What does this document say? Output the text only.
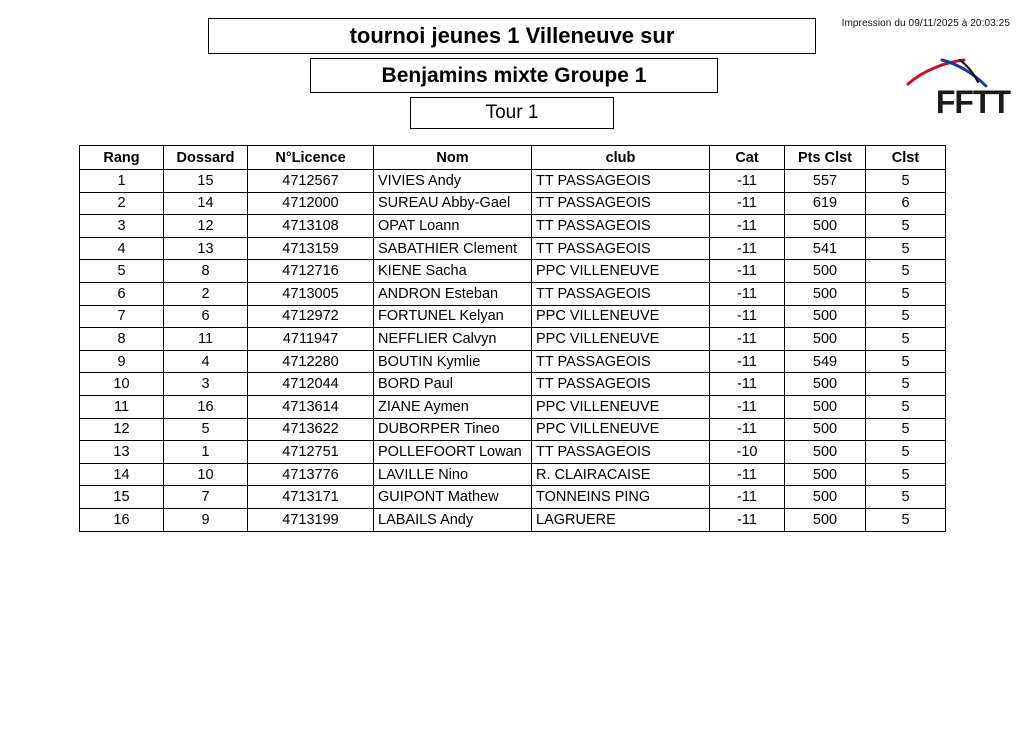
Impression du 09/11/2025 à 20:03:25
FFTT
tournoi jeunes 1 Villeneuve sur
Benjamins mixte Groupe 1
Tour 1
Rang	Dossard	N°Licence	Nom	club	Cat	Pts Clst	Clst
1	15	4712567	VIVIES Andy	TT PASSAGEOIS	-11	557	5
2	14	4712000	SUREAU Abby-Gael	TT PASSAGEOIS	-11	619	6
3	12	4713108	OPAT Loann	TT PASSAGEOIS	-11	500	5
4	13	4713159	SABATHIER Clement	TT PASSAGEOIS	-11	541	5
5	8	4712716	KIENE Sacha	PPC VILLENEUVE	-11	500	5
6	2	4713005	ANDRON Esteban	TT PASSAGEOIS	-11	500	5
7	6	4712972	FORTUNEL Kelyan	PPC VILLENEUVE	-11	500	5
8	11	4711947	NEFFLIER Calvyn	PPC VILLENEUVE	-11	500	5
9	4	4712280	BOUTIN Kymlie	TT PASSAGEOIS	-11	549	5
10	3	4712044	BORD Paul	TT PASSAGEOIS	-11	500	5
11	16	4713614	ZIANE Aymen	PPC VILLENEUVE	-11	500	5
12	5	4713622	DUBORPER Tineo	PPC VILLENEUVE	-11	500	5
13	1	4712751	POLLEFOORT Lowan	TT PASSAGEOIS	-10	500	5
14	10	4713776	LAVILLE Nino	R. CLAIRACAISE	-11	500	5
15	7	4713171	GUIPONT Mathew	TONNEINS PING	-11	500	5
16	9	4713199	LABAILS Andy	LAGRUERE	-11	500	5
